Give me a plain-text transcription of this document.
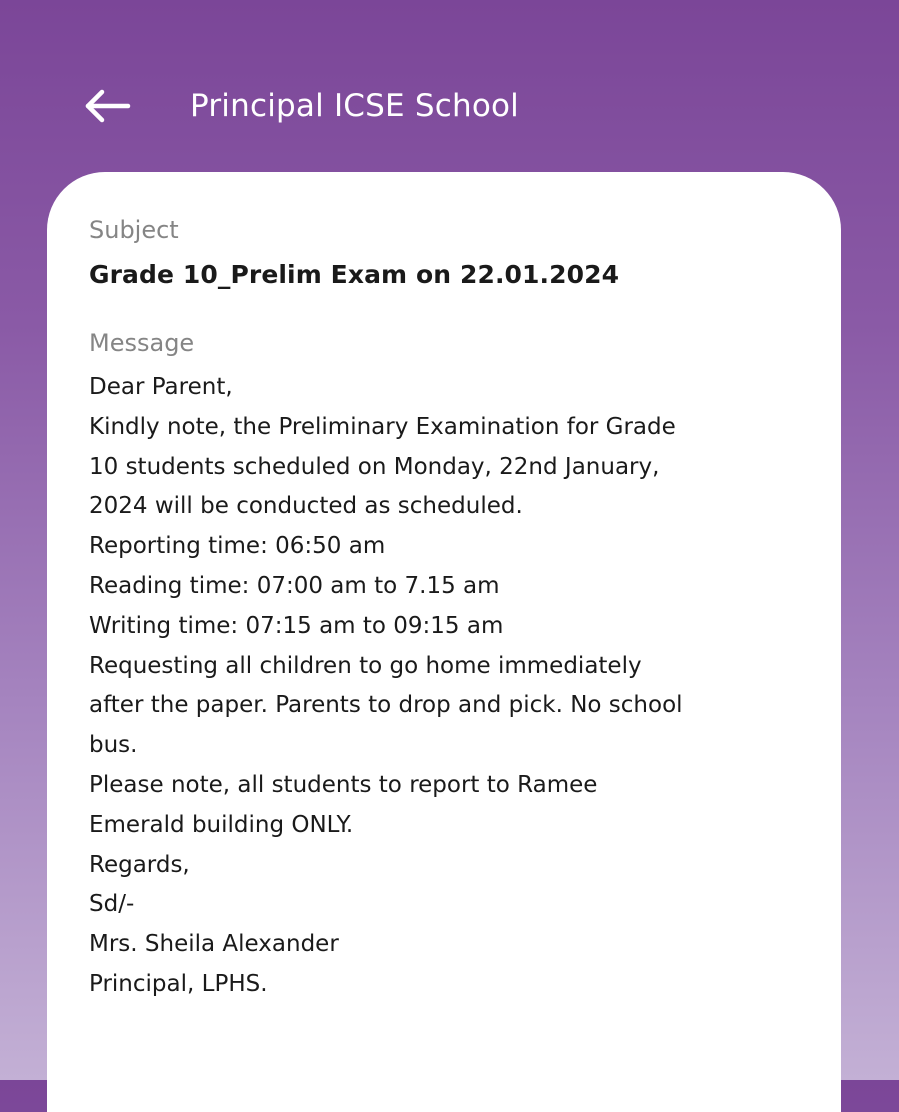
Principal ICSE School
Subject
Grade 10_Prelim Exam on 22.01.2024
Message
Dear Parent,
Kindly note, the Preliminary Examination for Grade
10 students scheduled on Monday, 22nd January,
2024 will be conducted as scheduled.
Reporting time: 06:50 am
Reading time: 07:00 am to 7.15 am
Writing time: 07:15 am to 09:15 am
Requesting all children to go home immediately
after the paper. Parents to drop and pick. No school
bus.
Please note, all students to report to Ramee
Emerald building ONLY.
Regards,
Sd/-
Mrs. Sheila Alexander
Principal, LPHS.
